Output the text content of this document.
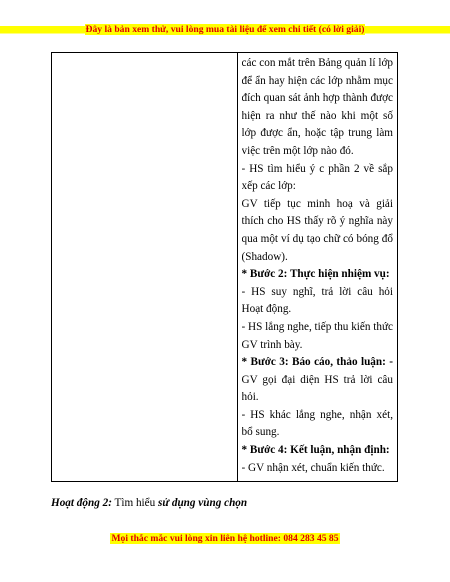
Đây là bản xem thử, vui lòng mua tài liệu để xem chi tiết (có lời giải)
các con mắt trên Bảng quản lí lớp
để ẩn hay hiện các lớp nhằm mục
đích quan sát ảnh hợp thành được
hiện ra như thế nào khi một số
lớp được ẩn, hoặc tập trung làm
việc trên một lớp nào đó.
- HS tìm hiểu ý c phần 2 về sắp
xếp các lớp:
GV tiếp tục minh hoạ và giải
thích cho HS thấy rõ ý nghĩa này
qua một ví dụ tạo chữ có bóng đổ
(Shadow).
* Bước 2: Thực hiện nhiệm vụ:
- HS suy nghĩ, trả lời câu hỏi
Hoạt động.
- HS lắng nghe, tiếp thu kiến thức
GV trình bày.
* Bước 3: Báo cáo, thảo luận: -
GV gọi đại diện HS trả lời câu
hỏi.
- HS khác lắng nghe, nhận xét,
bổ sung.
* Bước 4: Kết luận, nhận định:
- GV nhận xét, chuẩn kiến thức.
Hoạt động 2: Tìm hiểu sử dụng vùng chọn
Mọi thắc mắc vui lòng xin liên hệ hotline: 084 283 45 85
